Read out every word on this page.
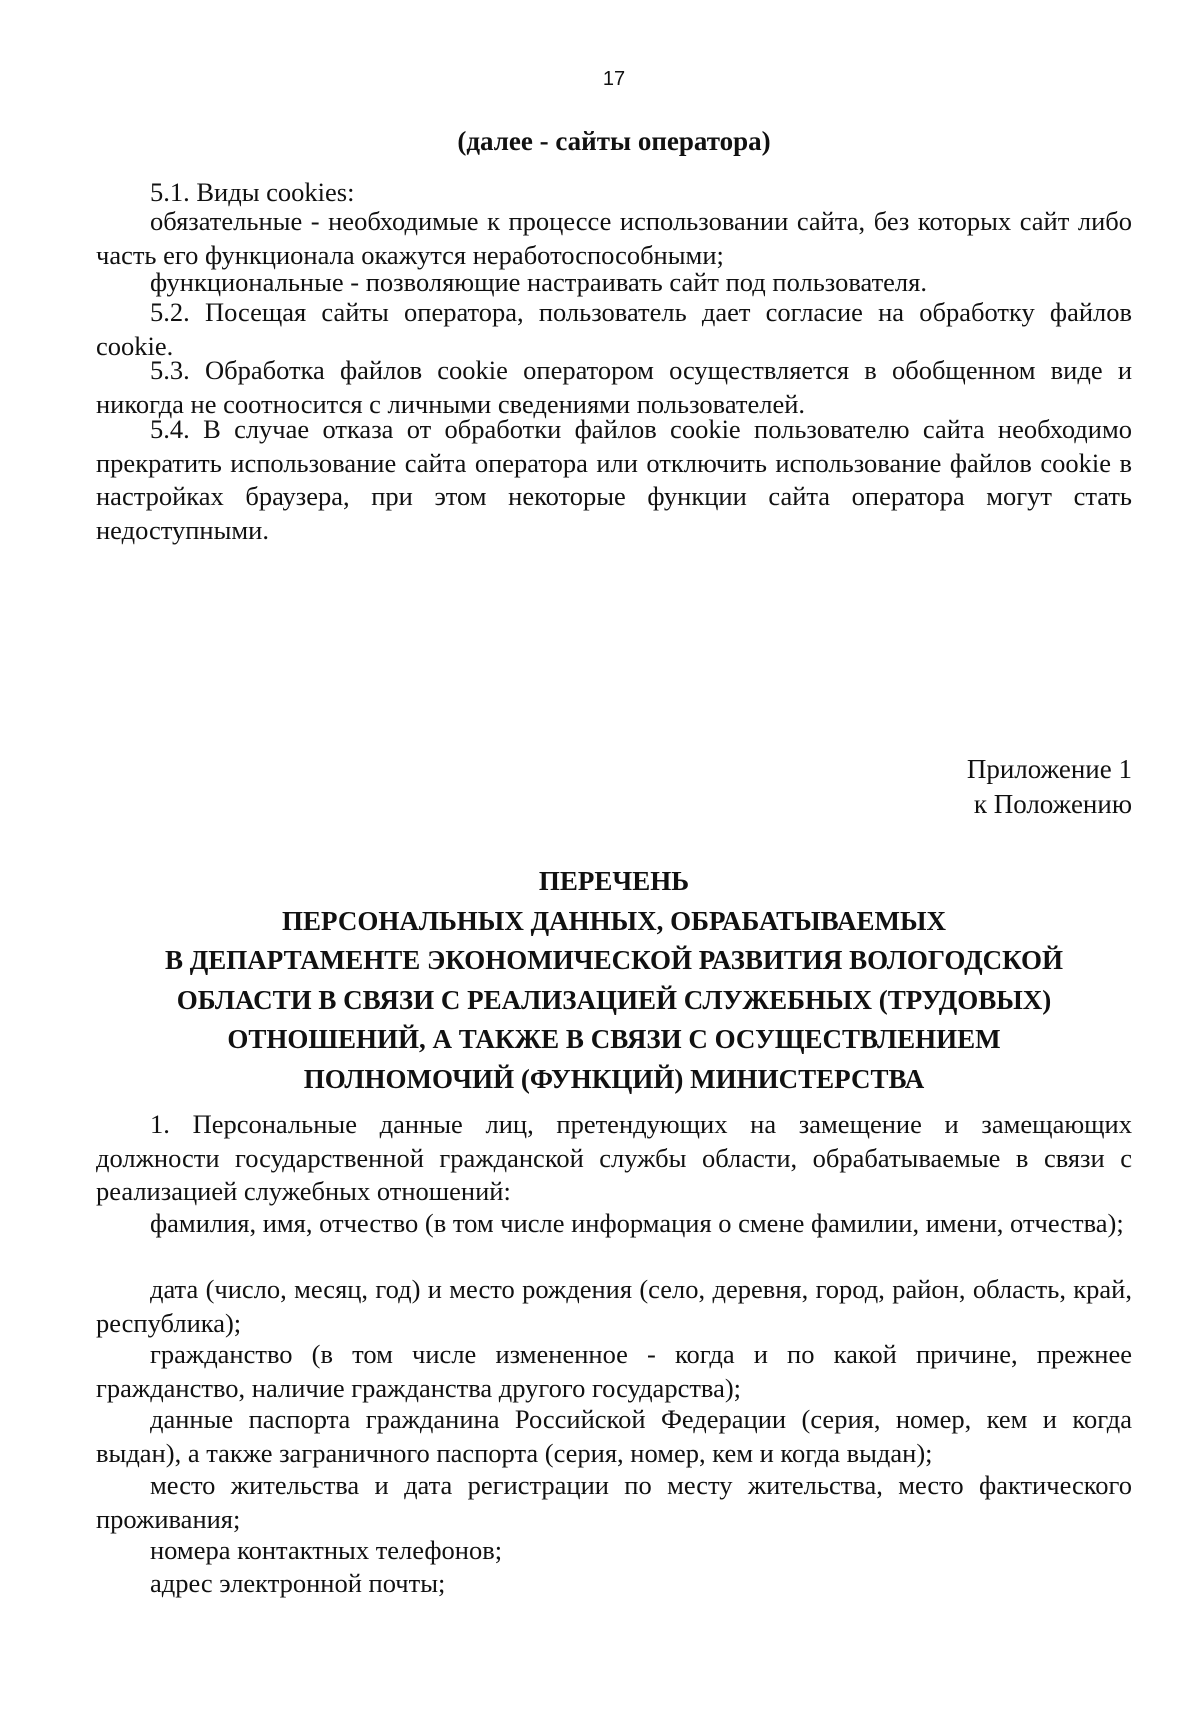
17
(далее - сайты оператора)

5.1. Виды cookies:

обязательные - необходимые к процессе использовании сайта, без которых сайт либо часть его функционала окажутся неработоспособными;

функциональные - позволяющие настраивать сайт под пользователя.

5.2. Посещая сайты оператора, пользователь дает согласие на обработку файлов cookie.

5.3. Обработка файлов cookie оператором осуществляется в обобщенном виде и никогда не соотносится с личными сведениями пользователей.

5.4. В случае отказа от обработки файлов cookie пользователю сайта необходимо прекратить использование сайта оператора или отключить использование файлов cookie в настройках браузера, при этом некоторые функции сайта оператора могут стать недоступными.

Приложение 1
к Положению
ПЕРЕЧЕНЬ
ПЕРСОНАЛЬНЫХ ДАННЫХ, ОБРАБАТЫВАЕМЫХ
В ДЕПАРТАМЕНТЕ ЭКОНОМИЧЕСКОЙ РАЗВИТИЯ ВОЛОГОДСКОЙ
ОБЛАСТИ В СВЯЗИ С РЕАЛИЗАЦИЕЙ СЛУЖЕБНЫХ (ТРУДОВЫХ)
ОТНОШЕНИЙ, А ТАКЖЕ В СВЯЗИ С ОСУЩЕСТВЛЕНИЕМ
ПОЛНОМОЧИЙ (ФУНКЦИЙ) МИНИСТЕРСТВА

1. Персональные данные лиц, претендующих на замещение и замещающих должности государственной гражданской службы области, обрабатываемые в связи с реализацией служебных отношений:

фамилия, имя, отчество (в том числе информация о смене фамилии, имени, отчества);

дата (число, месяц, год) и место рождения (село, деревня, город, район, область, край, республика);

гражданство (в том числе измененное - когда и по какой причине, прежнее гражданство, наличие гражданства другого государства);

данные паспорта гражданина Российской Федерации (серия, номер, кем и когда выдан), а также заграничного паспорта (серия, номер, кем и когда выдан);

место жительства и дата регистрации по месту жительства, место фактического проживания;

номера контактных телефонов;

адрес электронной почты;
